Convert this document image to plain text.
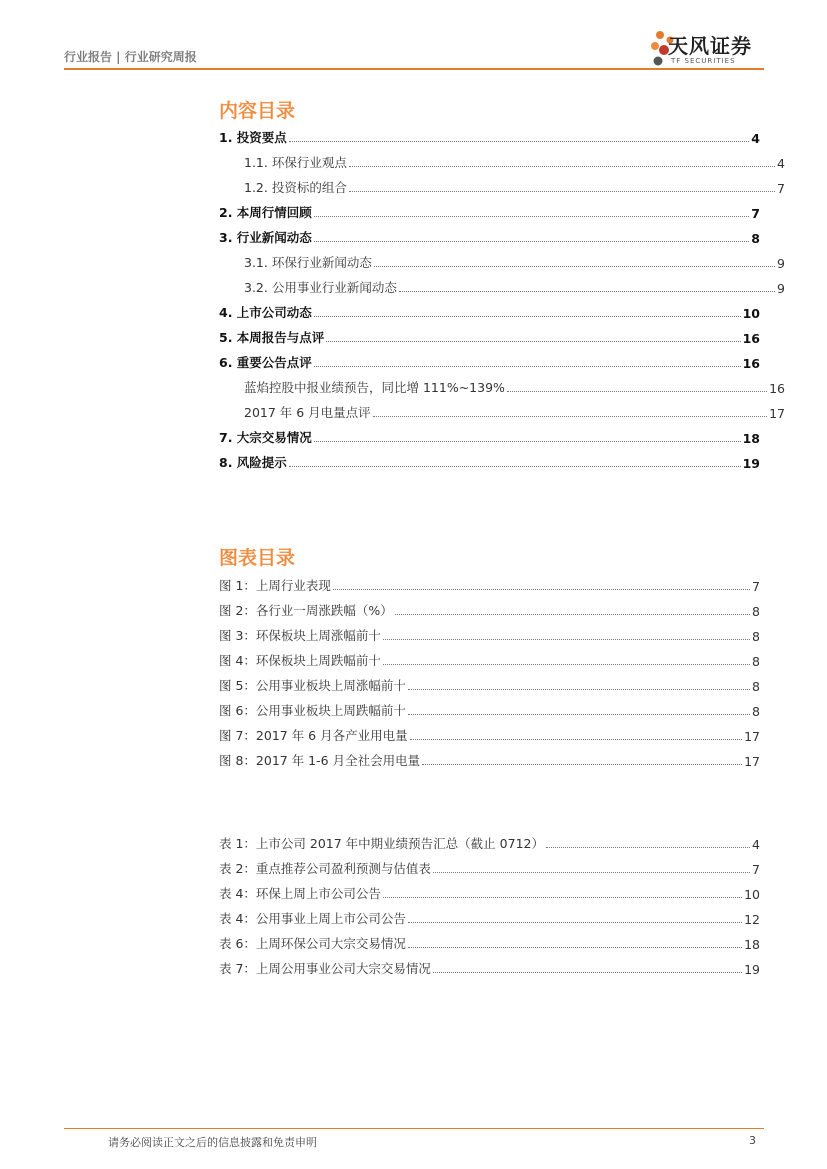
行业报告 | 行业研究周报	天风证券
TF SECURITIES
内容目录
1. 投资要点	4
1.1. 环保行业观点	4
1.2. 投资标的组合	7
2. 本周行情回顾	7
3. 行业新闻动态	8
3.1. 环保行业新闻动态	9
3.2. 公用事业行业新闻动态	9
4. 上市公司动态	10
5. 本周报告与点评	16
6. 重要公告点评	16
蓝焰控股中报业绩预告，同比增 111%~139%	16
2017 年 6 月电量点评	17
7. 大宗交易情况	18
8. 风险提示	19
图表目录
图 1：上周行业表现	7
图 2：各行业一周涨跌幅（%）	8
图 3：环保板块上周涨幅前十	8
图 4：环保板块上周跌幅前十	8
图 5：公用事业板块上周涨幅前十	8
图 6：公用事业板块上周跌幅前十	8
图 7：2017 年 6 月各产业用电量	17
图 8：2017 年 1-6 月全社会用电量	17
表 1：上市公司 2017 年中期业绩预告汇总（截止 0712）	4
表 2：重点推荐公司盈利预测与估值表	7
表 4：环保上周上市公司公告	10
表 4：公用事业上周上市公司公告	12
表 6：上周环保公司大宗交易情况	18
表 7：上周公用事业公司大宗交易情况	19
请务必阅读正文之后的信息披露和免责申明	3
